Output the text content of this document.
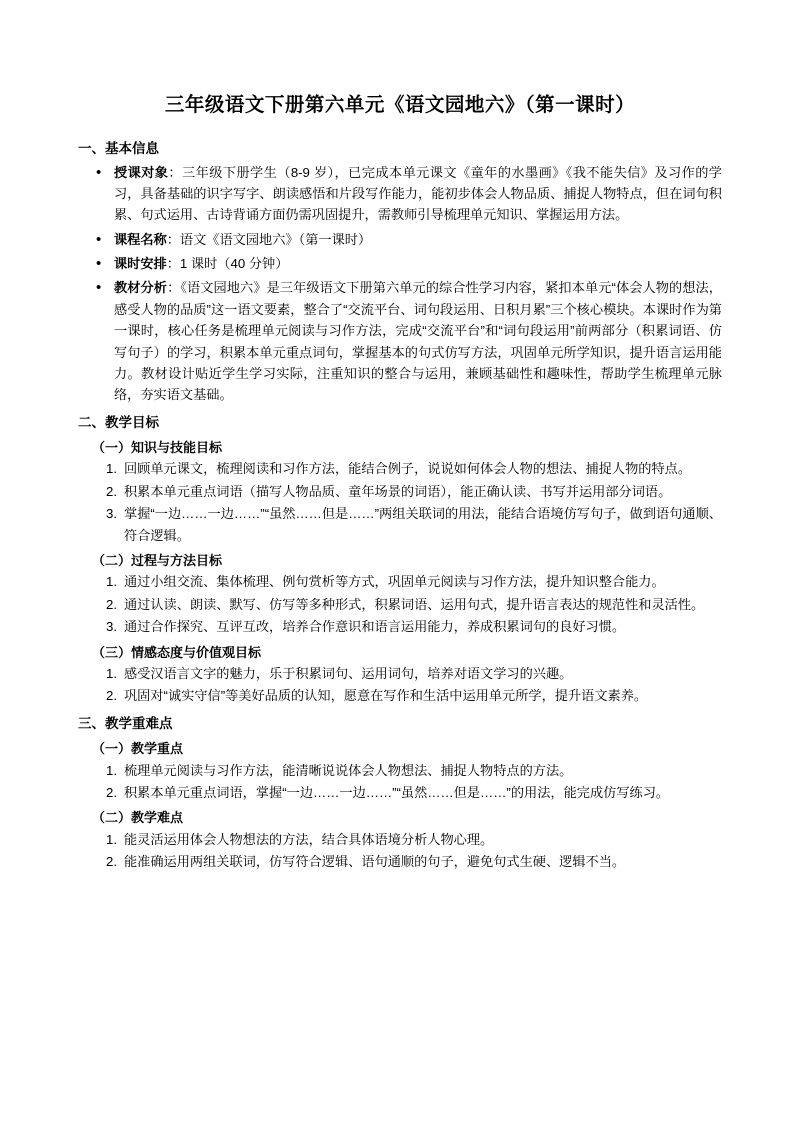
三年级语文下册第六单元《语文园地六》（第一课时）
一、基本信息
• 授课对象：三年级下册学生（8-9 岁），已完成本单元课文《童年的水墨画》《我不能失信》及习作的学习，具备基础的识字写字、朗读感悟和片段写作能力，能初步体会人物品质、捕捉人物特点，但在词句积累、句式运用、古诗背诵方面仍需巩固提升，需教师引导梳理单元知识、掌握运用方法。
• 课程名称：语文《语文园地六》（第一课时）
• 课时安排：1 课时（40 分钟）
• 教材分析：《语文园地六》是三年级语文下册第六单元的综合性学习内容，紧扣本单元“体会人物的想法，感受人物的品质”这一语文要素，整合了“交流平台、词句段运用、日积月累”三个核心模块。本课时作为第一课时，核心任务是梳理单元阅读与习作方法，完成“交流平台”和“词句段运用”前两部分（积累词语、仿写句子）的学习，积累本单元重点词句，掌握基本的句式仿写方法，巩固单元所学知识，提升语言运用能力。教材设计贴近学生学习实际，注重知识的整合与运用，兼顾基础性和趣味性，帮助学生梳理单元脉络，夯实语文基础。
二、教学目标
（一）知识与技能目标
回顾单元课文，梳理阅读和习作方法，能结合例子，说说如何体会人物的想法、捕捉人物的特点。
积累本单元重点词语（描写人物品质、童年场景的词语），能正确认读、书写并运用部分词语。
掌握“一边……一边……”“虽然……但是……”两组关联词的用法，能结合语境仿写句子，做到语句通顺、符合逻辑。
（二）过程与方法目标
通过小组交流、集体梳理、例句赏析等方式，巩固单元阅读与习作方法，提升知识整合能力。
通过认读、朗读、默写、仿写等多种形式，积累词语、运用句式，提升语言表达的规范性和灵活性。
通过合作探究、互评互改，培养合作意识和语言运用能力，养成积累词句的良好习惯。
（三）情感态度与价值观目标
感受汉语言文字的魅力，乐于积累词句、运用词句，培养对语文学习的兴趣。
巩固对“诚实守信”等美好品质的认知，愿意在写作和生活中运用单元所学，提升语文素养。
三、教学重难点
（一）教学重点
梳理单元阅读与习作方法，能清晰说说体会人物想法、捕捉人物特点的方法。
积累本单元重点词语，掌握“一边……一边……”“虽然……但是……”的用法，能完成仿写练习。
（二）教学难点
能灵活运用体会人物想法的方法，结合具体语境分析人物心理。
能准确运用两组关联词，仿写符合逻辑、语句通顺的句子，避免句式生硬、逻辑不当。
